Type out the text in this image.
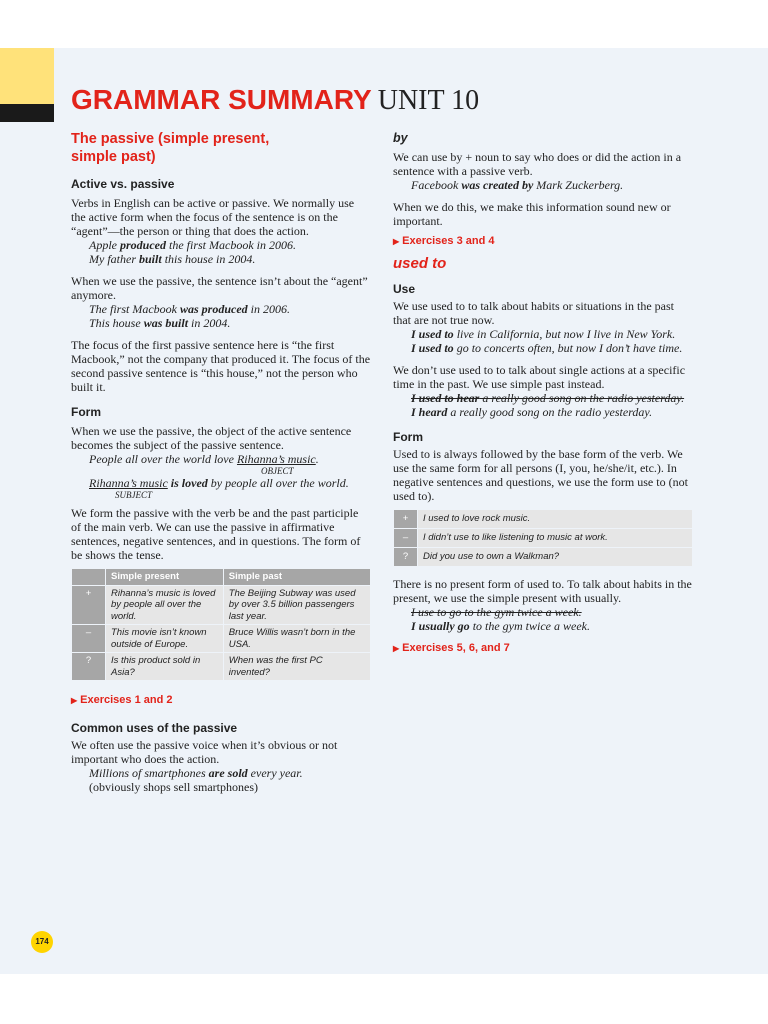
GRAMMAR SUMMARY UNIT 10

The passive (simple present, simple past)

Active vs. passive

Verbs in English can be active or passive. We normally use the active form when the focus of the sentence is on the “agent”—the person or thing that does the action.

Apple produced the first Macbook in 2006.

My father built this house in 2004.

When we use the passive, the sentence isn’t about the “agent” anymore.

The first Macbook was produced in 2006.

This house was built in 2004.

The focus of the first passive sentence here is “the first Macbook,” not the company that produced it. The focus of the second passive sentence is “this house,” not the person who built it.

Form

When we use the passive, the object of the active sentence becomes the subject of the passive sentence.

People all over the world love Rihanna’s music.

OBJECT

Rihanna’s music is loved by people all over the world.

SUBJECT

We form the passive with the verb be and the past participle of the main verb. We can use the passive in affirmative sentences, negative sentences, and in questions. The form of be shows the tense.

	Simple present	Simple past
+	Rihanna’s music is loved by people all over the world.	The Beijing Subway was used by over 3.5 billion passengers last year.
–	This movie isn’t known outside of Europe.	Bruce Willis wasn’t born in the USA.
?	Is this product sold in Asia?	When was the first PC invented?

▶ Exercises 1 and 2

Common uses of the passive

We often use the passive voice when it’s obvious or not important who does the action.

Millions of smartphones are sold every year.

(obviously shops sell smartphones)

by

We can use by + noun to say who does or did the action in a sentence with a passive verb.

Facebook was created by Mark Zuckerberg.

When we do this, we make this information sound new or important.

▶ Exercises 3 and 4

used to

Use

We use used to to talk about habits or situations in the past that are not true now.

I used to live in California, but now I live in New York.

I used to go to concerts often, but now I don’t have time.

We don’t use used to to talk about single actions at a specific time in the past. We use simple past instead.

I used to hear a really good song on the radio yesterday.

I heard a really good song on the radio yesterday.

Form

Used to is always followed by the base form of the verb. We use the same form for all persons (I, you, he/she/it, etc.). In negative sentences and questions, we use the form use to (not used to).

+	I used to love rock music.
–	I didn’t use to like listening to music at work.
?	Did you use to own a Walkman?

There is no present form of used to. To talk about habits in the present, we use the simple present with usually.

I use to go to the gym twice a week.

I usually go to the gym twice a week.

▶ Exercises 5, 6, and 7

174
